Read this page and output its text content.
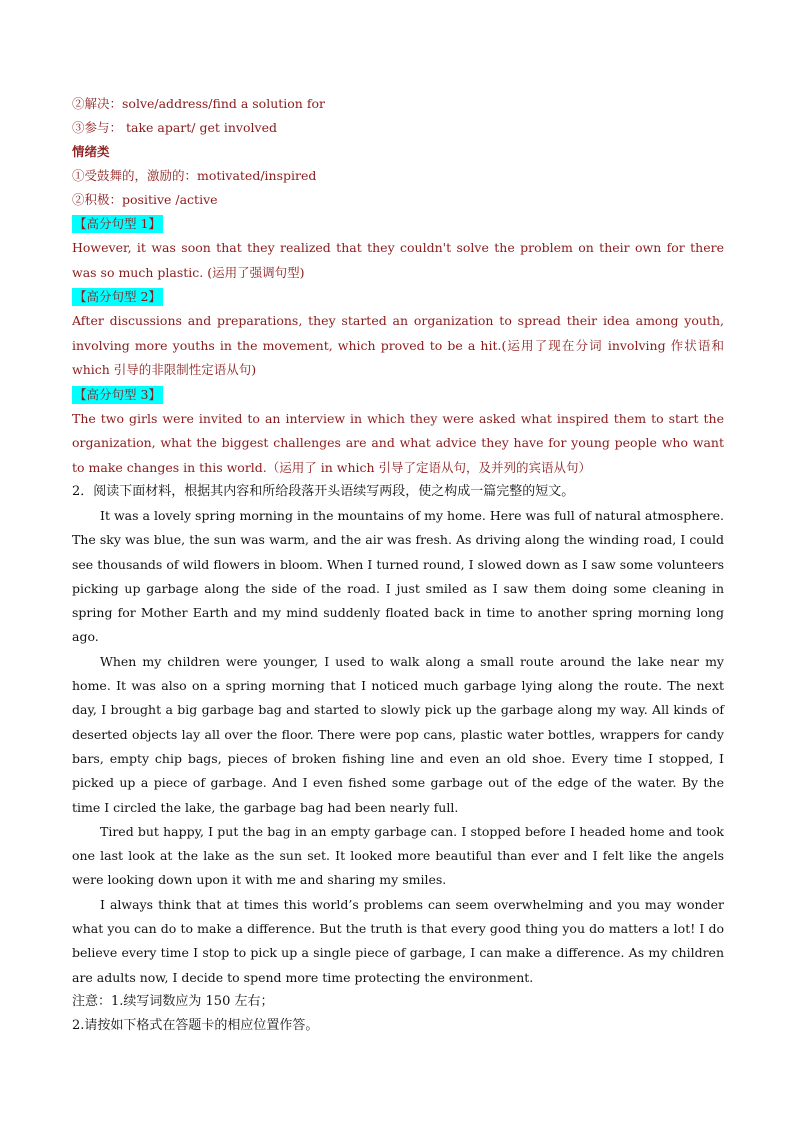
②解决：solve/address/find a solution for
③参与： take apart/ get involved
情绪类
①受鼓舞的，激励的：motivated/inspired
②积极：positive /active
【高分句型 1】
However, it was soon that they realized that they couldn't solve the problem on their own for there was so much plastic. (运用了强调句型)
【高分句型 2】
After discussions and preparations, they started an organization to spread their idea among youth, involving more youths in the movement, which proved to be a hit.(运用了现在分词 involving 作状语和 which 引导的非限制性定语从句)
【高分句型 3】
The two girls were invited to an interview in which they were asked what inspired them to start the organization, what the biggest challenges are and what advice they have for young people who want to make changes in this world.（运用了 in which 引导了定语从句，及并列的宾语从句）
2．阅读下面材料，根据其内容和所给段落开头语续写两段，使之构成一篇完整的短文。

It was a lovely spring morning in the mountains of my home. Here was full of natural atmosphere. The sky was blue, the sun was warm, and the air was fresh. As driving along the winding road, I could see thousands of wild flowers in bloom. When I turned round, I slowed down as I saw some volunteers picking up garbage along the side of the road. I just smiled as I saw them doing some cleaning in spring for Mother Earth and my mind suddenly floated back in time to another spring morning long ago.

When my children were younger, I used to walk along a small route around the lake near my home. It was also on a spring morning that I noticed much garbage lying along the route. The next day, I brought a big garbage bag and started to slowly pick up the garbage along my way. All kinds of deserted objects lay all over the floor. There were pop cans, plastic water bottles, wrappers for candy bars, empty chip bags, pieces of broken fishing line and even an old shoe. Every time I stopped, I picked up a piece of garbage. And I even fished some garbage out of the edge of the water. By the time I circled the lake, the garbage bag had been nearly full.

Tired but happy, I put the bag in an empty garbage can. I stopped before I headed home and took one last look at the lake as the sun set. It looked more beautiful than ever and I felt like the angels were looking down upon it with me and sharing my smiles.

I always think that at times this world’s problems can seem overwhelming and you may wonder what you can do to make a difference. But the truth is that every good thing you do matters a lot! I do believe every time I stop to pick up a single piece of garbage, I can make a difference. As my children are adults now, I decide to spend more time protecting the environment.

注意：1.续写词数应为 150 左右；
2.请按如下格式在答题卡的相应位置作答。
